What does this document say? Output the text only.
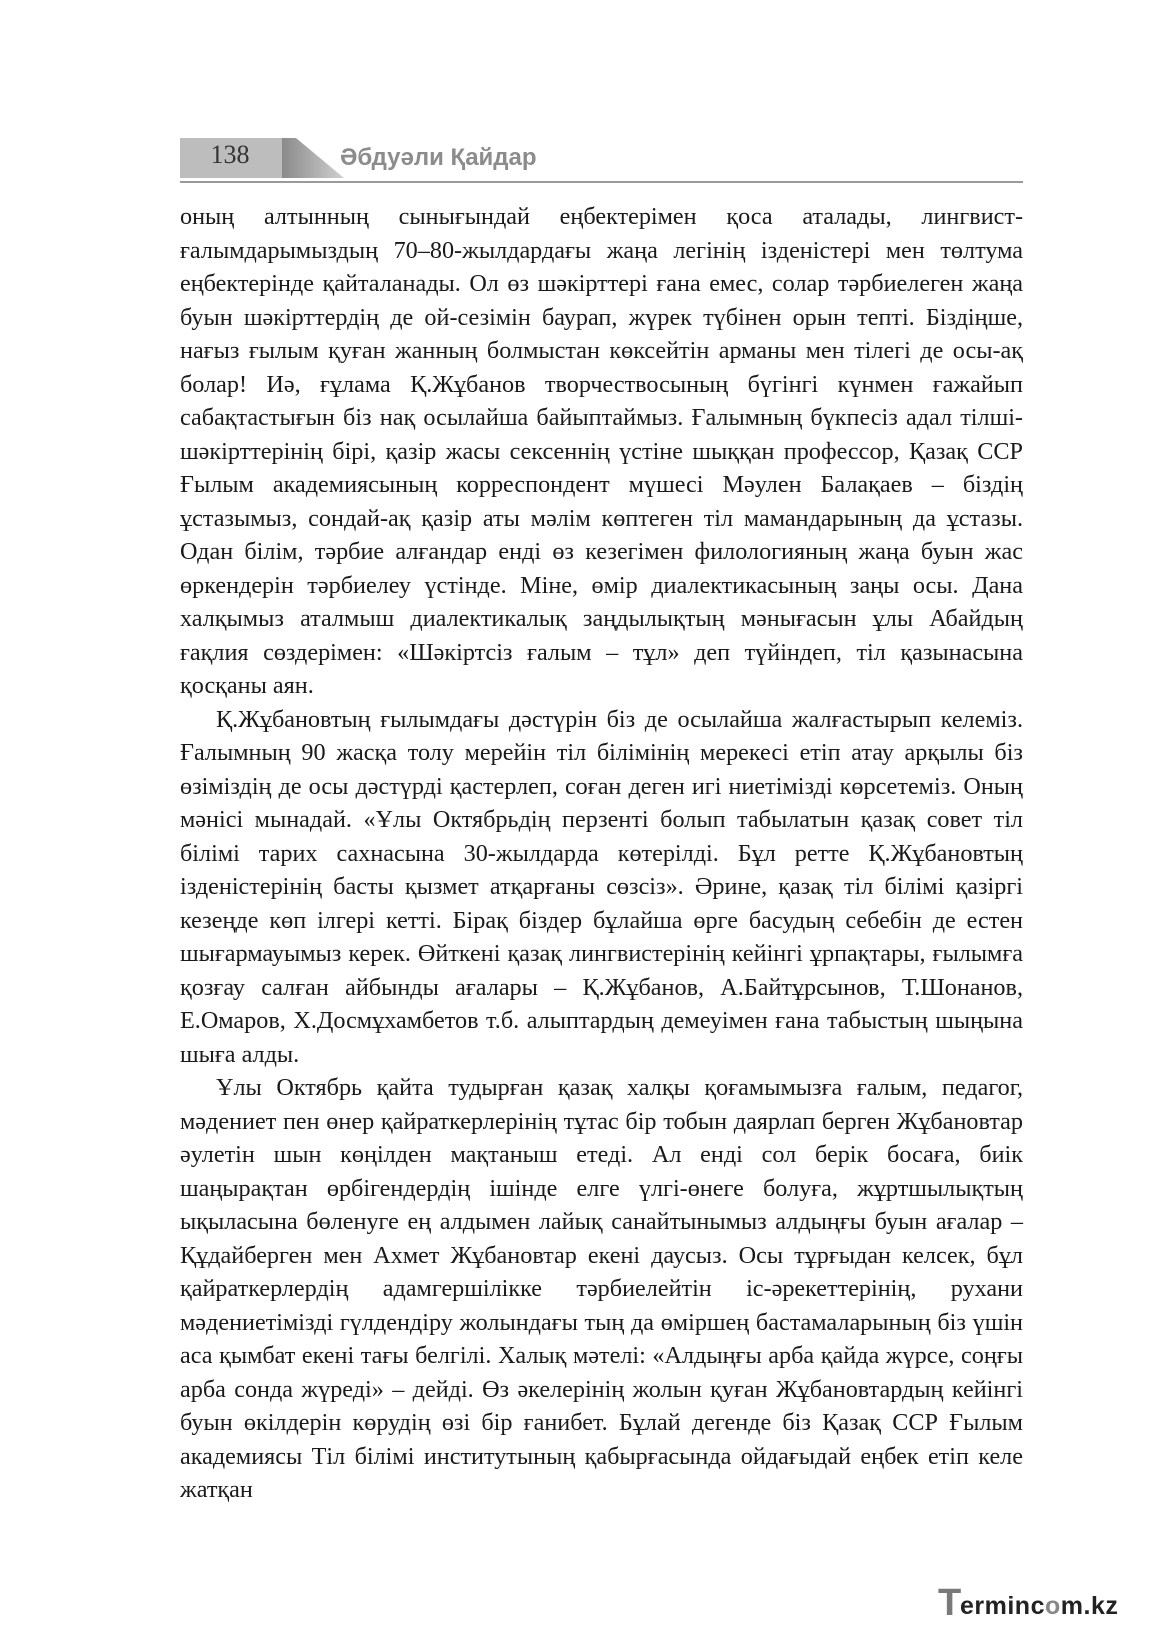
138	Әбдуәли Қайдар

оның алтынның сынығындай еңбектерімен қоса аталады, лингвист-ғалымдарымыздың 70–80-жылдардағы жаңа легінің ізденістері мен төлтума еңбектерінде қайталанады. Ол өз шәкірттері ғана емес, солар тәрбиелеген жаңа буын шәкірттердің де ой-сезімін баурап, жүрек түбінен орын тепті. Біздіңше, нағыз ғылым қуған жанның болмыстан көксейтін арманы мен тілегі де осы-ақ болар! Иә, ғұлама Қ.Жұбанов творчествосының бүгінгі күнмен ғажайып сабақтастығын біз нақ осылайша байыптаймыз. Ғалымның бүкпесіз адал тілші-шәкірттерінің бірі, қазір жасы сексеннің үстіне шыққан профессор, Қазақ ССР Ғылым академиясының корреспондент мүшесі Мәулен Балақаев – біздің ұстазымыз, сондай-ақ қазір аты мәлім көптеген тіл мамандарының да ұстазы. Одан білім, тәрбие алғандар енді өз кезегімен филологияның жаңа буын жас өркендерін тәрбиелеу үстінде. Міне, өмір диалектикасының заңы осы. Дана халқымыз аталмыш диалектикалық заңдылықтың мәнығасын ұлы Абайдың ғақлия сөздерімен: «Шәкіртсіз ғалым – тұл» деп түйіндеп, тіл қазынасына қосқаны аян.

Қ.Жұбановтың ғылымдағы дәстүрін біз де осылайша жалғастырып келеміз. Ғалымның 90 жасқа толу мерейін тіл білімінің мерекесі етіп атау арқылы біз өзіміздің де осы дәстүрді қастерлеп, соған деген игі ниетімізді көрсетеміз. Оның мәнісі мынадай. «Ұлы Октябрьдің перзенті болып табылатын қазақ совет тіл білімі тарих сахнасына 30-жылдарда көтерілді. Бұл ретте Қ.Жұбановтың ізденістерінің басты қызмет атқарғаны сөзсіз». Әрине, қазақ тіл білімі қазіргі кезеңде көп ілгері кетті. Бірақ біздер бұлайша өрге басудың себебін де естен шығармауымыз керек. Өйткені қазақ лингвистерінің кейінгі ұрпақтары, ғылымға қозғау салған айбынды ағалары – Қ.Жұбанов, А.Байтұрсынов, Т.Шонанов, Е.Омаров, Х.Досмұхамбетов т.б. алыптардың демеуімен ғана табыстың шыңына шыға алды.

Ұлы Октябрь қайта тудырған қазақ халқы қоғамымызға ғалым, педагог, мәдениет пен өнер қайраткерлерінің тұтас бір тобын даярлап берген Жұбановтар әулетін шын көңілден мақтаныш етеді. Ал енді сол берік босаға, биік шаңырақтан өрбігендердің ішінде елге үлгі-өнеге болуға, жұртшылықтың ықыласына бөленуге ең алдымен лайық санайтынымыз алдыңғы буын ағалар – Құдайберген мен Ахмет Жұбановтар екені даусыз. Осы тұрғыдан келсек, бұл қайраткерлердің адамгершілікке тәрбиелейтін іс-әрекеттерінің, рухани мәдениетімізді гүлдендіру жолындағы тың да өміршең бастамаларының біз үшін аса қымбат екені тағы белгілі. Халық мәтелі: «Алдыңғы арба қайда жүрсе, соңғы арба сонда жүреді» – дейді. Өз әкелерінің жолын қуған Жұбановтардың кейінгі буын өкілдерін көрудің өзі бір ғанибет. Бұлай дегенде біз Қазақ ССР Ғылым академиясы Тіл білімі институтының қабырғасында ойдағыдай еңбек етіп келе жатқан

T
ermincom.kz
